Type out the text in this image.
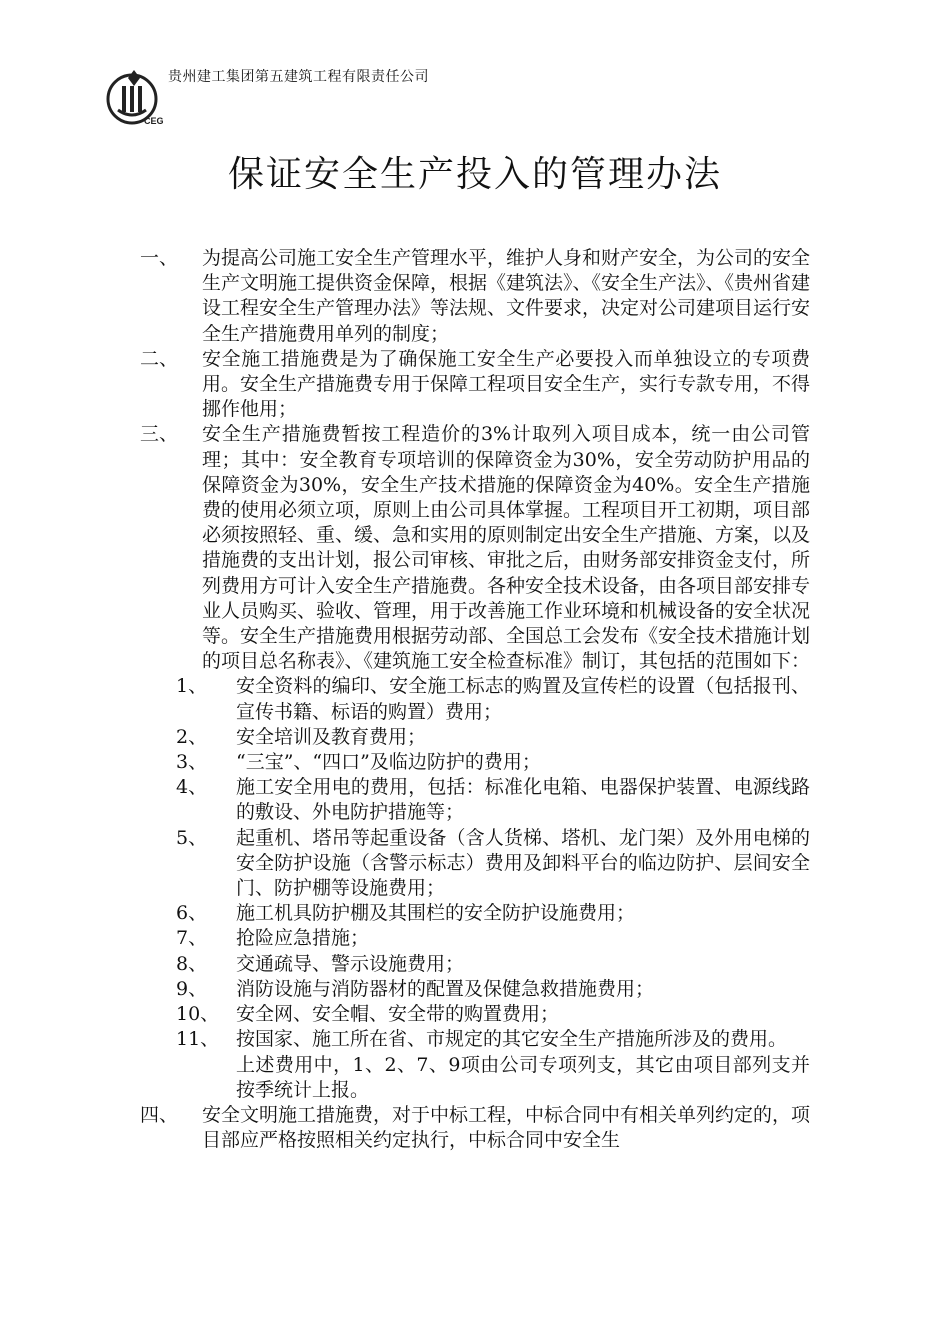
CEG
贵州建工集团第五建筑工程有限责任公司
保证安全生产投入的管理办法
一、	为提高公司施工安全生产管理水平，维护人身和财产安全，为公司的安全生产文明施工提供资金保障，根据《建筑法》、《安全生产法》、《贵州省建设工程安全生产管理办法》等法规、文件要求，决定对公司建项目运行安全生产措施费用单列的制度；
二、	安全施工措施费是为了确保施工安全生产必要投入而单独设立的专项费用。安全生产措施费专用于保障工程项目安全生产，实行专款专用，不得挪作他用；
三、	安全生产措施费暂按工程造价的3%计取列入项目成本，统一由公司管理；其中：安全教育专项培训的保障资金为30%，安全劳动防护用品的保障资金为30%，安全生产技术措施的保障资金为40%。安全生产措施费的使用必须立项，原则上由公司具体掌握。工程项目开工初期，项目部必须按照轻、重、缓、急和实用的原则制定出安全生产措施、方案，以及措施费的支出计划，报公司审核、审批之后，由财务部安排资金支付，所列费用方可计入安全生产措施费。各种安全技术设备，由各项目部安排专业人员购买、验收、管理，用于改善施工作业环境和机械设备的安全状况等。安全生产措施费用根据劳动部、全国总工会发布《安全技术措施计划的项目总名称表》、《建筑施工安全检查标准》制订，其包括的范围如下：
1、	安全资料的编印、安全施工标志的购置及宣传栏的设置（包括报刊、宣传书籍、标语的购置）费用；
2、	安全培训及教育费用；
3、	“三宝”、“四口”及临边防护的费用；
4、	施工安全用电的费用，包括：标准化电箱、电器保护装置、电源线路的敷设、外电防护措施等；
5、	起重机、塔吊等起重设备（含人货梯、塔机、龙门架）及外用电梯的安全防护设施（含警示标志）费用及卸料平台的临边防护、层间安全门、防护棚等设施费用；
6、	施工机具防护棚及其围栏的安全防护设施费用；
7、	抢险应急措施；
8、	交通疏导、警示设施费用；
9、	消防设施与消防器材的配置及保健急救措施费用；
10、 安全网、安全帽、安全带的购置费用；
11、 按国家、施工所在省、市规定的其它安全生产措施所涉及的费用。
上述费用中，1、2、7、9项由公司专项列支，其它由项目部列支并按季统计上报。
四、	安全文明施工措施费，对于中标工程，中标合同中有相关单列约定的，项目部应严格按照相关约定执行，中标合同中安全生
